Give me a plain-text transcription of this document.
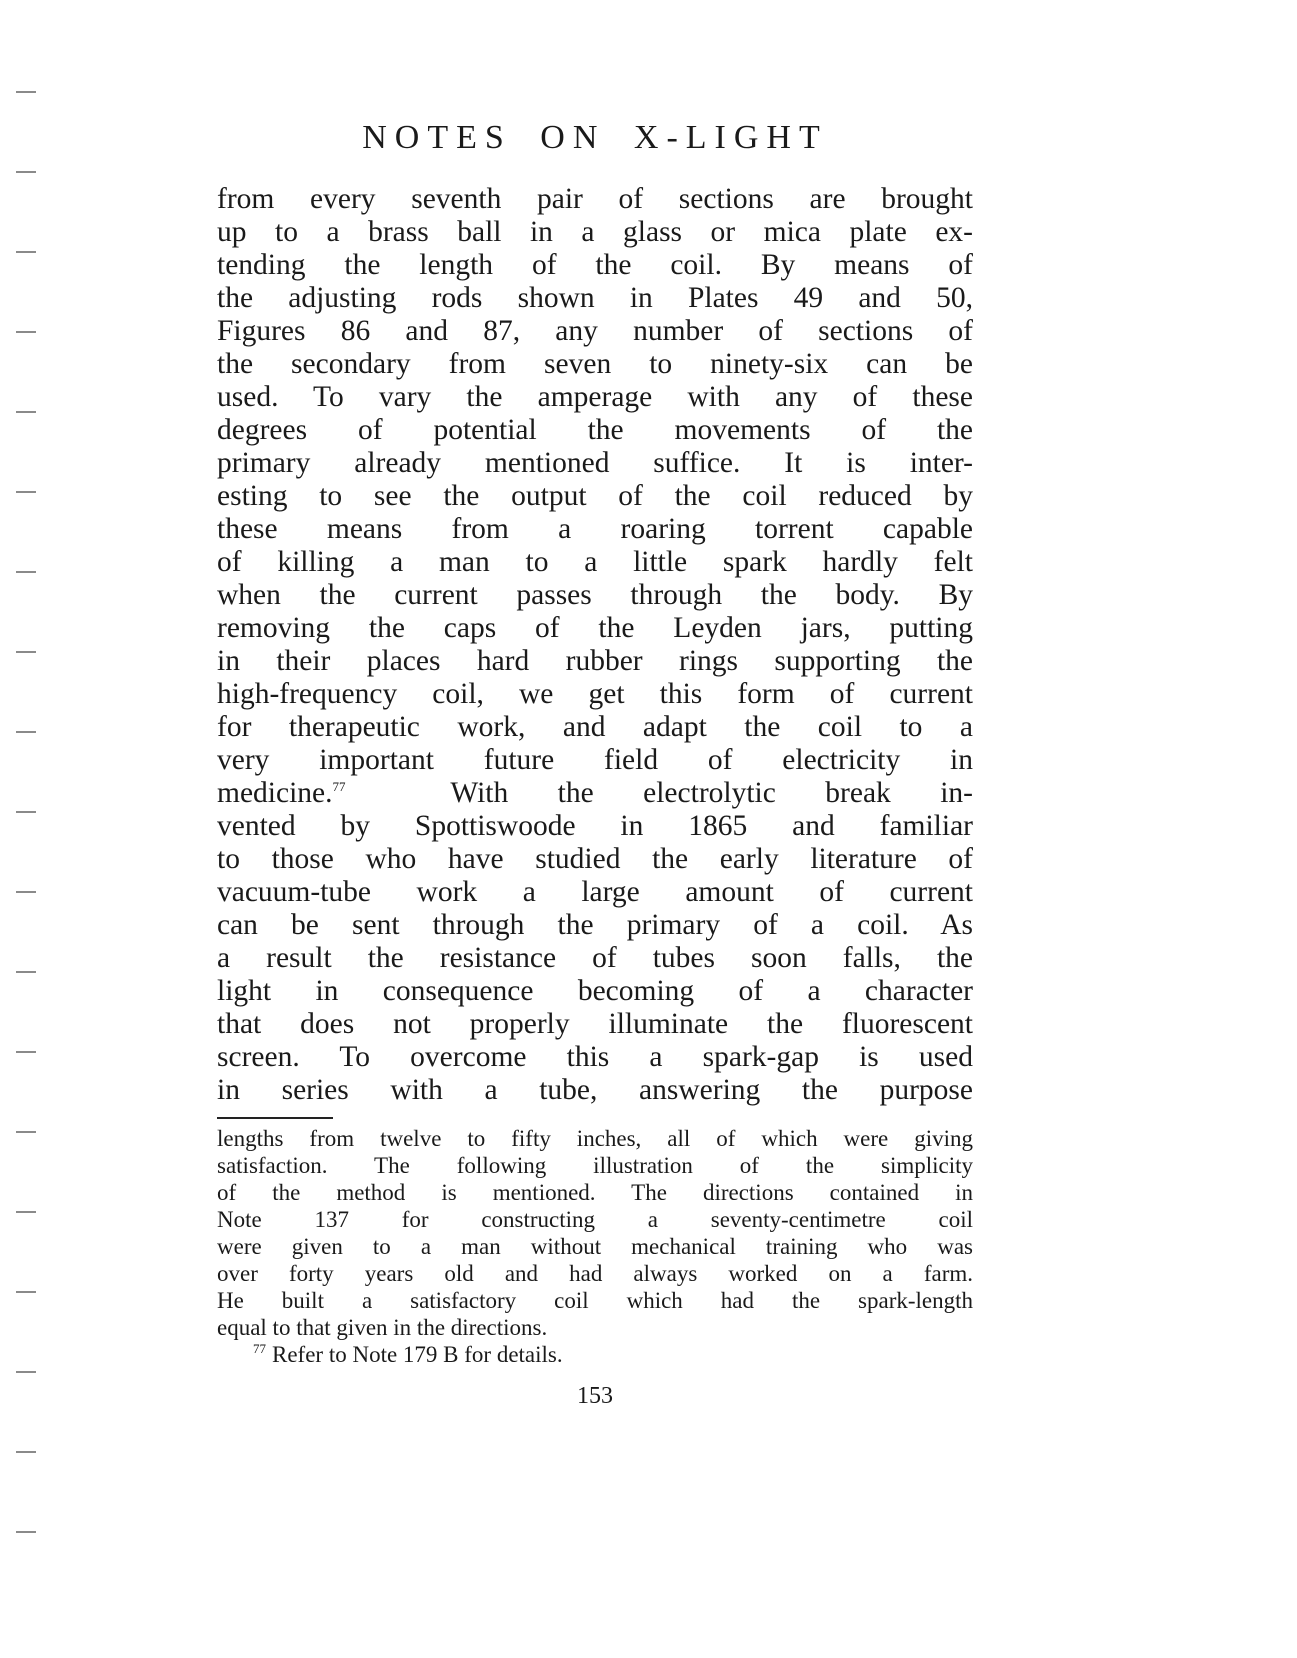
NOTES ON X-LIGHT
from every seventh pair of sections are brought
up to a brass ball in a glass or mica plate ex-
tending the length of the coil. By means of
the adjusting rods shown in Plates 49 and 50,
Figures 86 and 87, any number of sections of
the secondary from seven to ninety-six can be
used. To vary the amperage with any of these
degrees of potential the movements of the
primary already mentioned suffice. It is inter-
esting to see the output of the coil reduced by
these means from a roaring torrent capable
of killing a man to a little spark hardly felt
when the current passes through the body. By
removing the caps of the Leyden jars, putting
in their places hard rubber rings supporting the
high-frequency coil, we get this form of current
for therapeutic work, and adapt the coil to a
very important future field of electricity in
medicine.$^{77}$	With the electrolytic break in-
vented by Spottiswoode in 1865 and familiar
to those who have studied the early literature of
vacuum-tube work a large amount of current
can be sent through the primary of a coil. As
a result the resistance of tubes soon falls, the
light in consequence becoming of a character
that does not properly illuminate the fluorescent
screen. To overcome this a spark-gap is used
in series with a tube, answering the purpose
lengths from twelve to fifty inches, all of which were giving
satisfaction. The following illustration of the simplicity
of the method is mentioned. The directions contained in
Note 137 for constructing a seventy-centimetre coil
were given to a man without mechanical training who was
over forty years old and had always worked on a farm.
He built a satisfactory coil which had the spark-length
equal to that given in the directions.
$^{77}$ Refer to Note 179 B for details.

153
